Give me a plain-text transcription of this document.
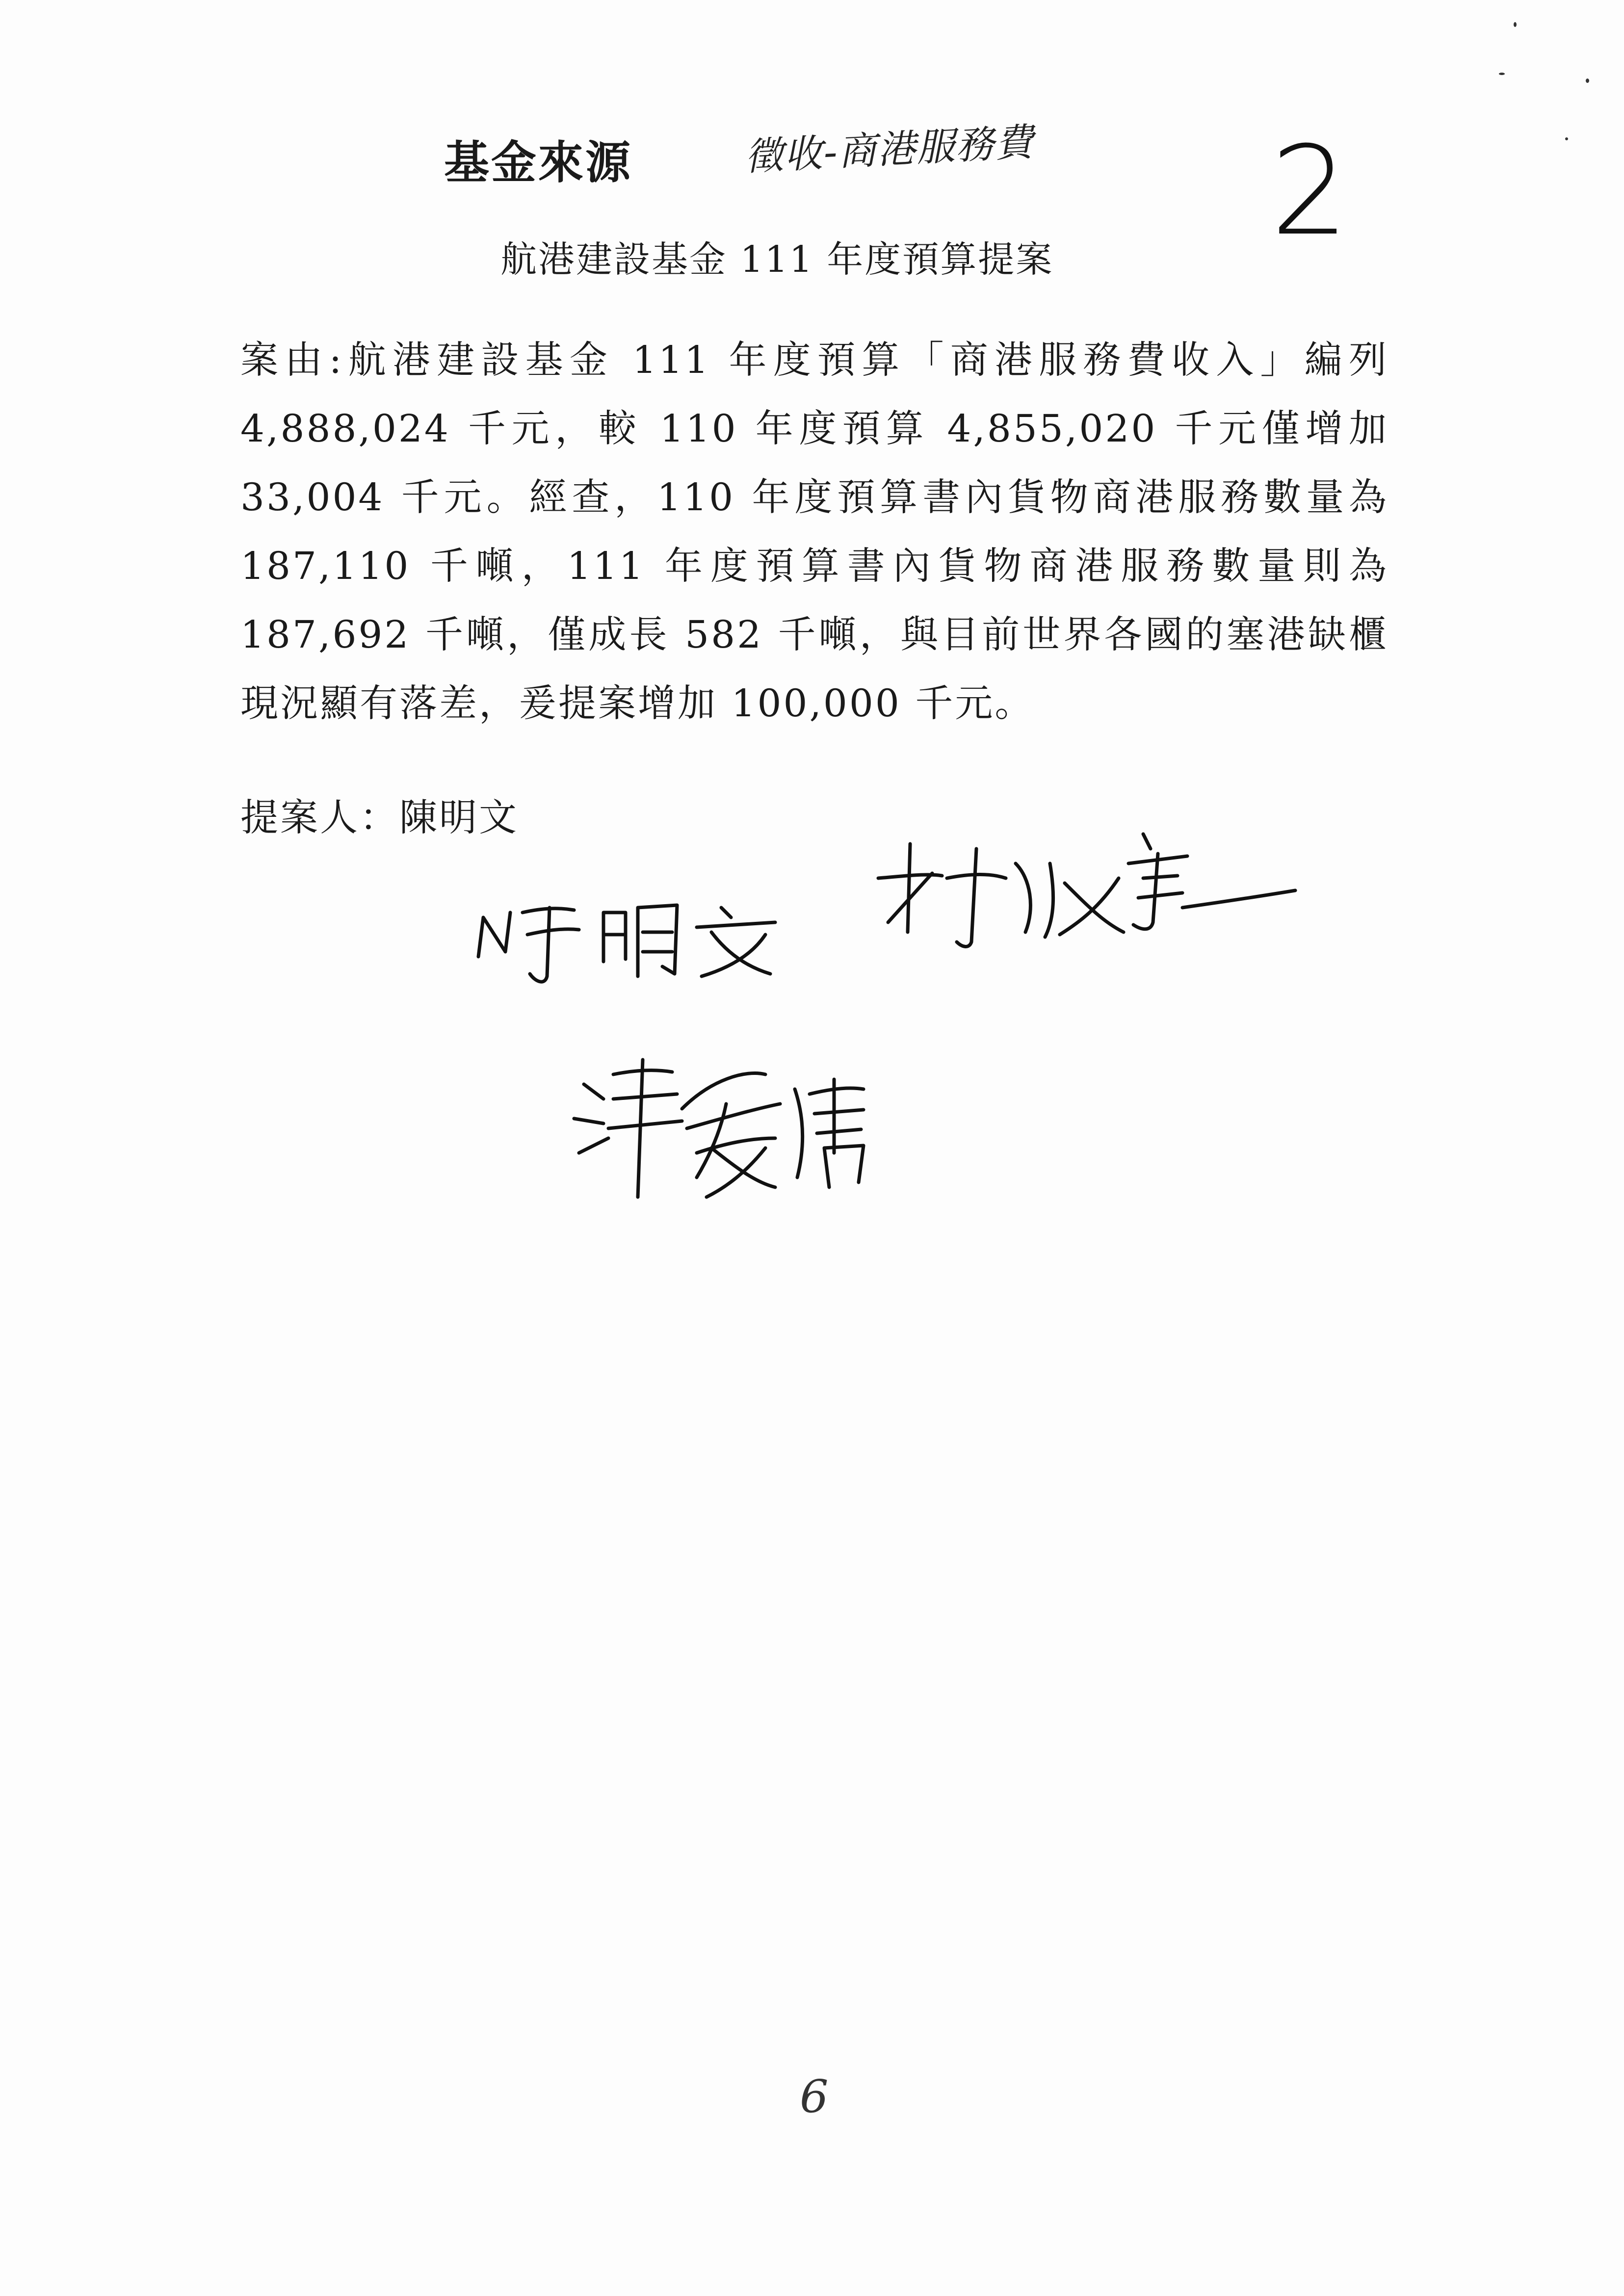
基金來源	徵收-商港服務費 2
航港建設基金 111 年度預算提案

案由:航港建設基金 111 年度預算「商港服務費收入」編列 4,888,024 千元，較 110 年度預算 4,855,020 千元僅增加 33,004 千元。經查，110 年度預算書內貨物商港服務數量為 187,110 千噸，111 年度預算書內貨物商港服務數量則為 187,692 千噸，僅成長 582 千噸，與目前世界各國的塞港缺櫃現況顯有落差，爰提案增加 100,000 千元。

提案人：陳明文
6
